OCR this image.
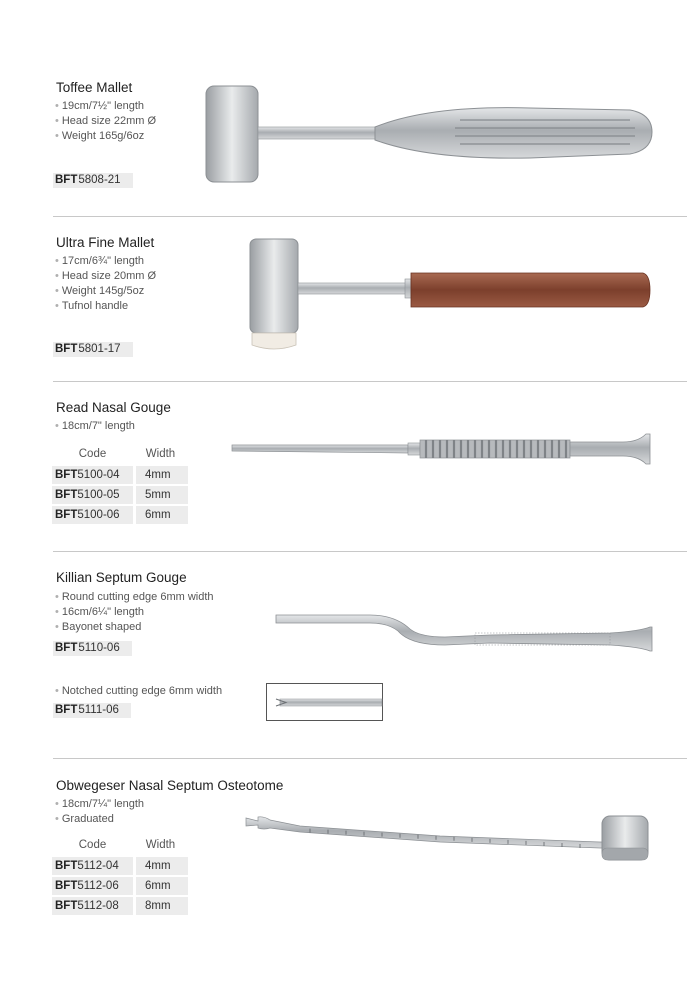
Toffee Mallet
• 19cm/7½" length
• Head size 22mm Ø
• Weight 165g/6oz
BFT5808-21
Ultra Fine Mallet
• 17cm/6¾" length
• Head size 20mm Ø
• Weight 145g/5oz
• Tufnol handle
BFT5801-17
Read Nasal Gouge
• 18cm/7" length
Code	Width
BFT5100-04	4mm
BFT5100-05	5mm
BFT5100-06	6mm
Killian Septum Gouge
• Round cutting edge 6mm width
• 16cm/6¼" length
• Bayonet shaped
BFT5110-06
• Notched cutting edge 6mm width
BFT5111-06
Obwegeser Nasal Septum Osteotome
• 18cm/7¼" length
• Graduated
Code	Width
BFT5112-04	4mm
BFT5112-06	6mm
BFT5112-08	8mm
